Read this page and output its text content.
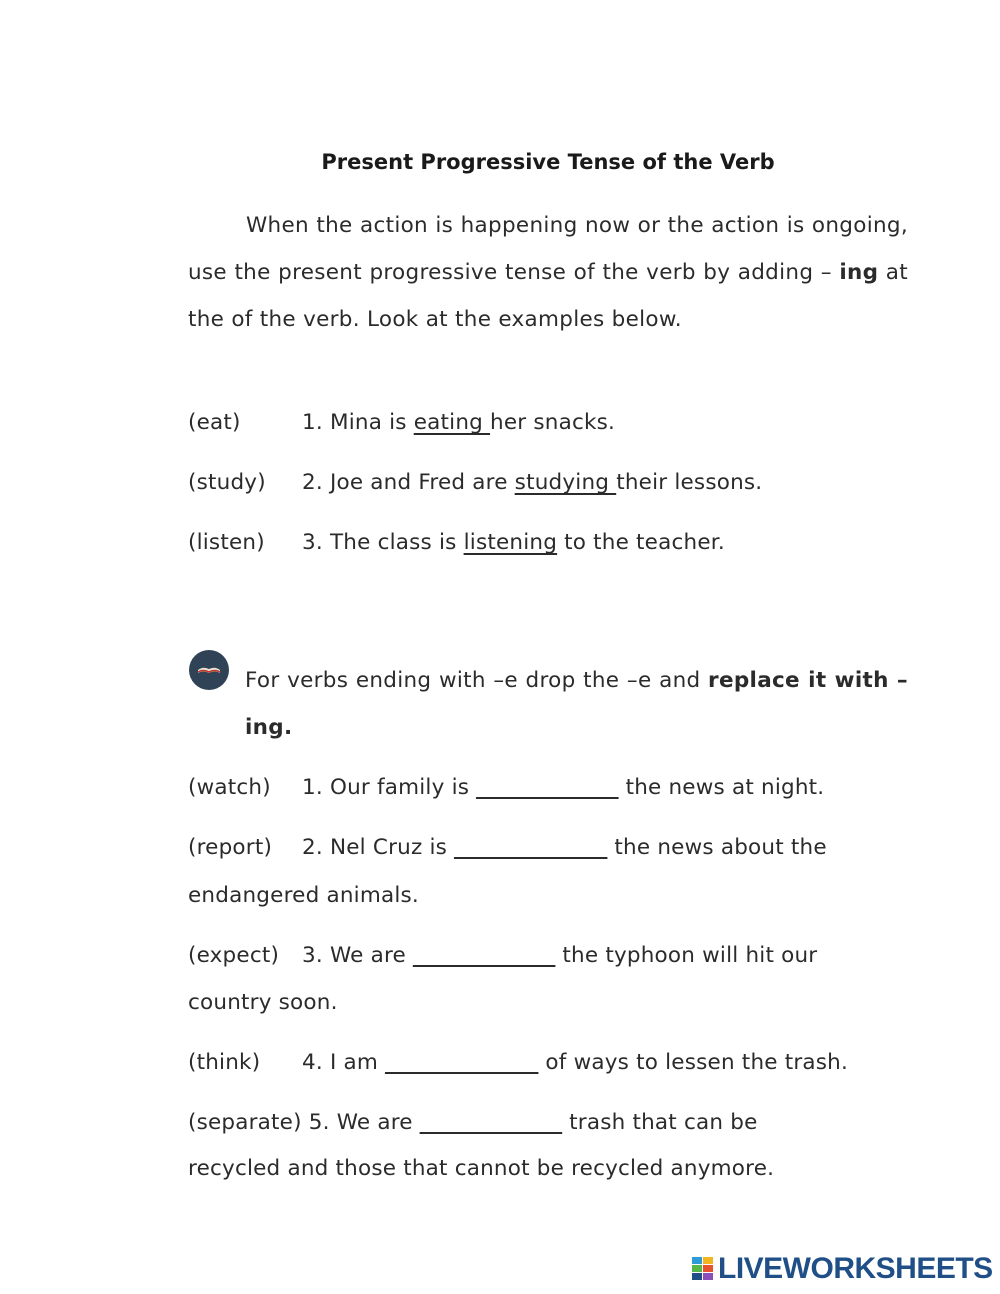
Present Progressive Tense of the Verb
When the action is happening now or the action is ongoing, use the present progressive tense of the verb by adding – ing at the of the verb. Look at the examples below.
(eat)	1. Mina is eating her snacks.
(study) 2. Joe and Fred are studying their lessons.
(listen) 3. The class is listening to the teacher.
For verbs ending with –e drop the –e and replace it with – ing.
(watch) 1. Our family is _____________ the news at night.
(report) 2. Nel Cruz is ______________ the news about the
endangered animals.
(expect) 3. We are _____________ the typhoon will hit our
country soon.
(think) 4. I am ______________ of ways to lessen the trash.
(separate) 5. We are _____________ trash that can be
recycled and those that cannot be recycled anymore.
LIVEWORKSHEETS
